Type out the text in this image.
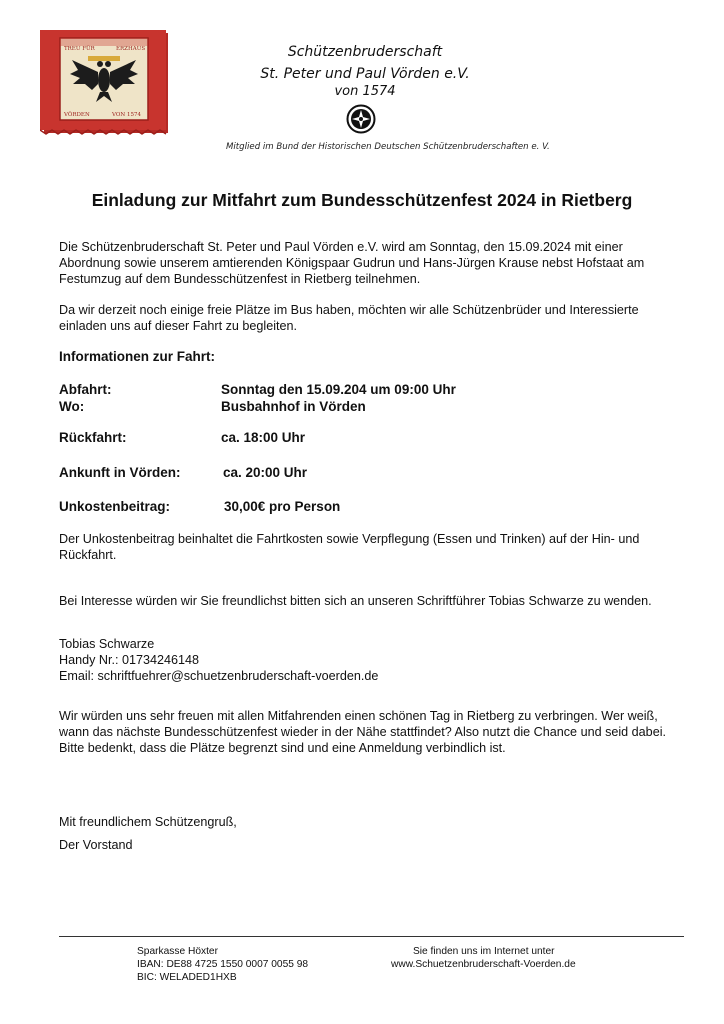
TREU FÜR	ERZHAUS
VÖRDEN	VON 1574
Schützenbruderschaft
St. Peter und Paul Vörden e.V.
von 1574
Mitglied im Bund der Historischen Deutschen Schützenbruderschaften e. V.
Einladung zur Mitfahrt zum Bundesschützenfest 2024 in Rietberg
Die Schützenbruderschaft St. Peter und Paul Vörden e.V. wird am Sonntag, den 15.09.2024 mit einer Abordnung sowie unserem amtierenden Königspaar Gudrun und Hans-Jürgen Krause nebst Hofstaat am Festumzug auf dem Bundesschützenfest in Rietberg teilnehmen.
Da wir derzeit noch einige freie Plätze im Bus haben, möchten wir alle Schützenbrüder und Interessierte einladen uns auf dieser Fahrt zu begleiten.
Informationen zur Fahrt:
Abfahrt:	Sonntag den 15.09.204 um 09:00 Uhr
Wo:	Busbahnhof in Vörden
Rückfahrt:	ca. 18:00 Uhr
Ankunft in Vörden:	ca. 20:00 Uhr
Unkostenbeitrag:	30,00€ pro Person
Der Unkostenbeitrag beinhaltet die Fahrtkosten sowie Verpflegung (Essen und Trinken) auf der Hin- und Rückfahrt.
Bei Interesse würden wir Sie freundlichst bitten sich an unseren Schriftführer Tobias Schwarze zu wenden.
Tobias Schwarze
Handy Nr.: 01734246148
Email: schriftfuehrer@schuetzenbruderschaft-voerden.de
Wir würden uns sehr freuen mit allen Mitfahrenden einen schönen Tag in Rietberg zu verbringen. Wer weiß, wann das nächste Bundesschützenfest wieder in der Nähe stattfindet? Also nutzt die Chance und seid dabei. Bitte bedenkt, dass die Plätze begrenzt sind und eine Anmeldung verbindlich ist.
Mit freundlichem Schützengruß,
Der Vorstand
Sparkasse Höxter
IBAN: DE88 4725 1550 0007 0055 98
BIC: WELADED1HXB
Sie finden uns im Internet unter
www.Schuetzenbruderschaft-Voerden.de
